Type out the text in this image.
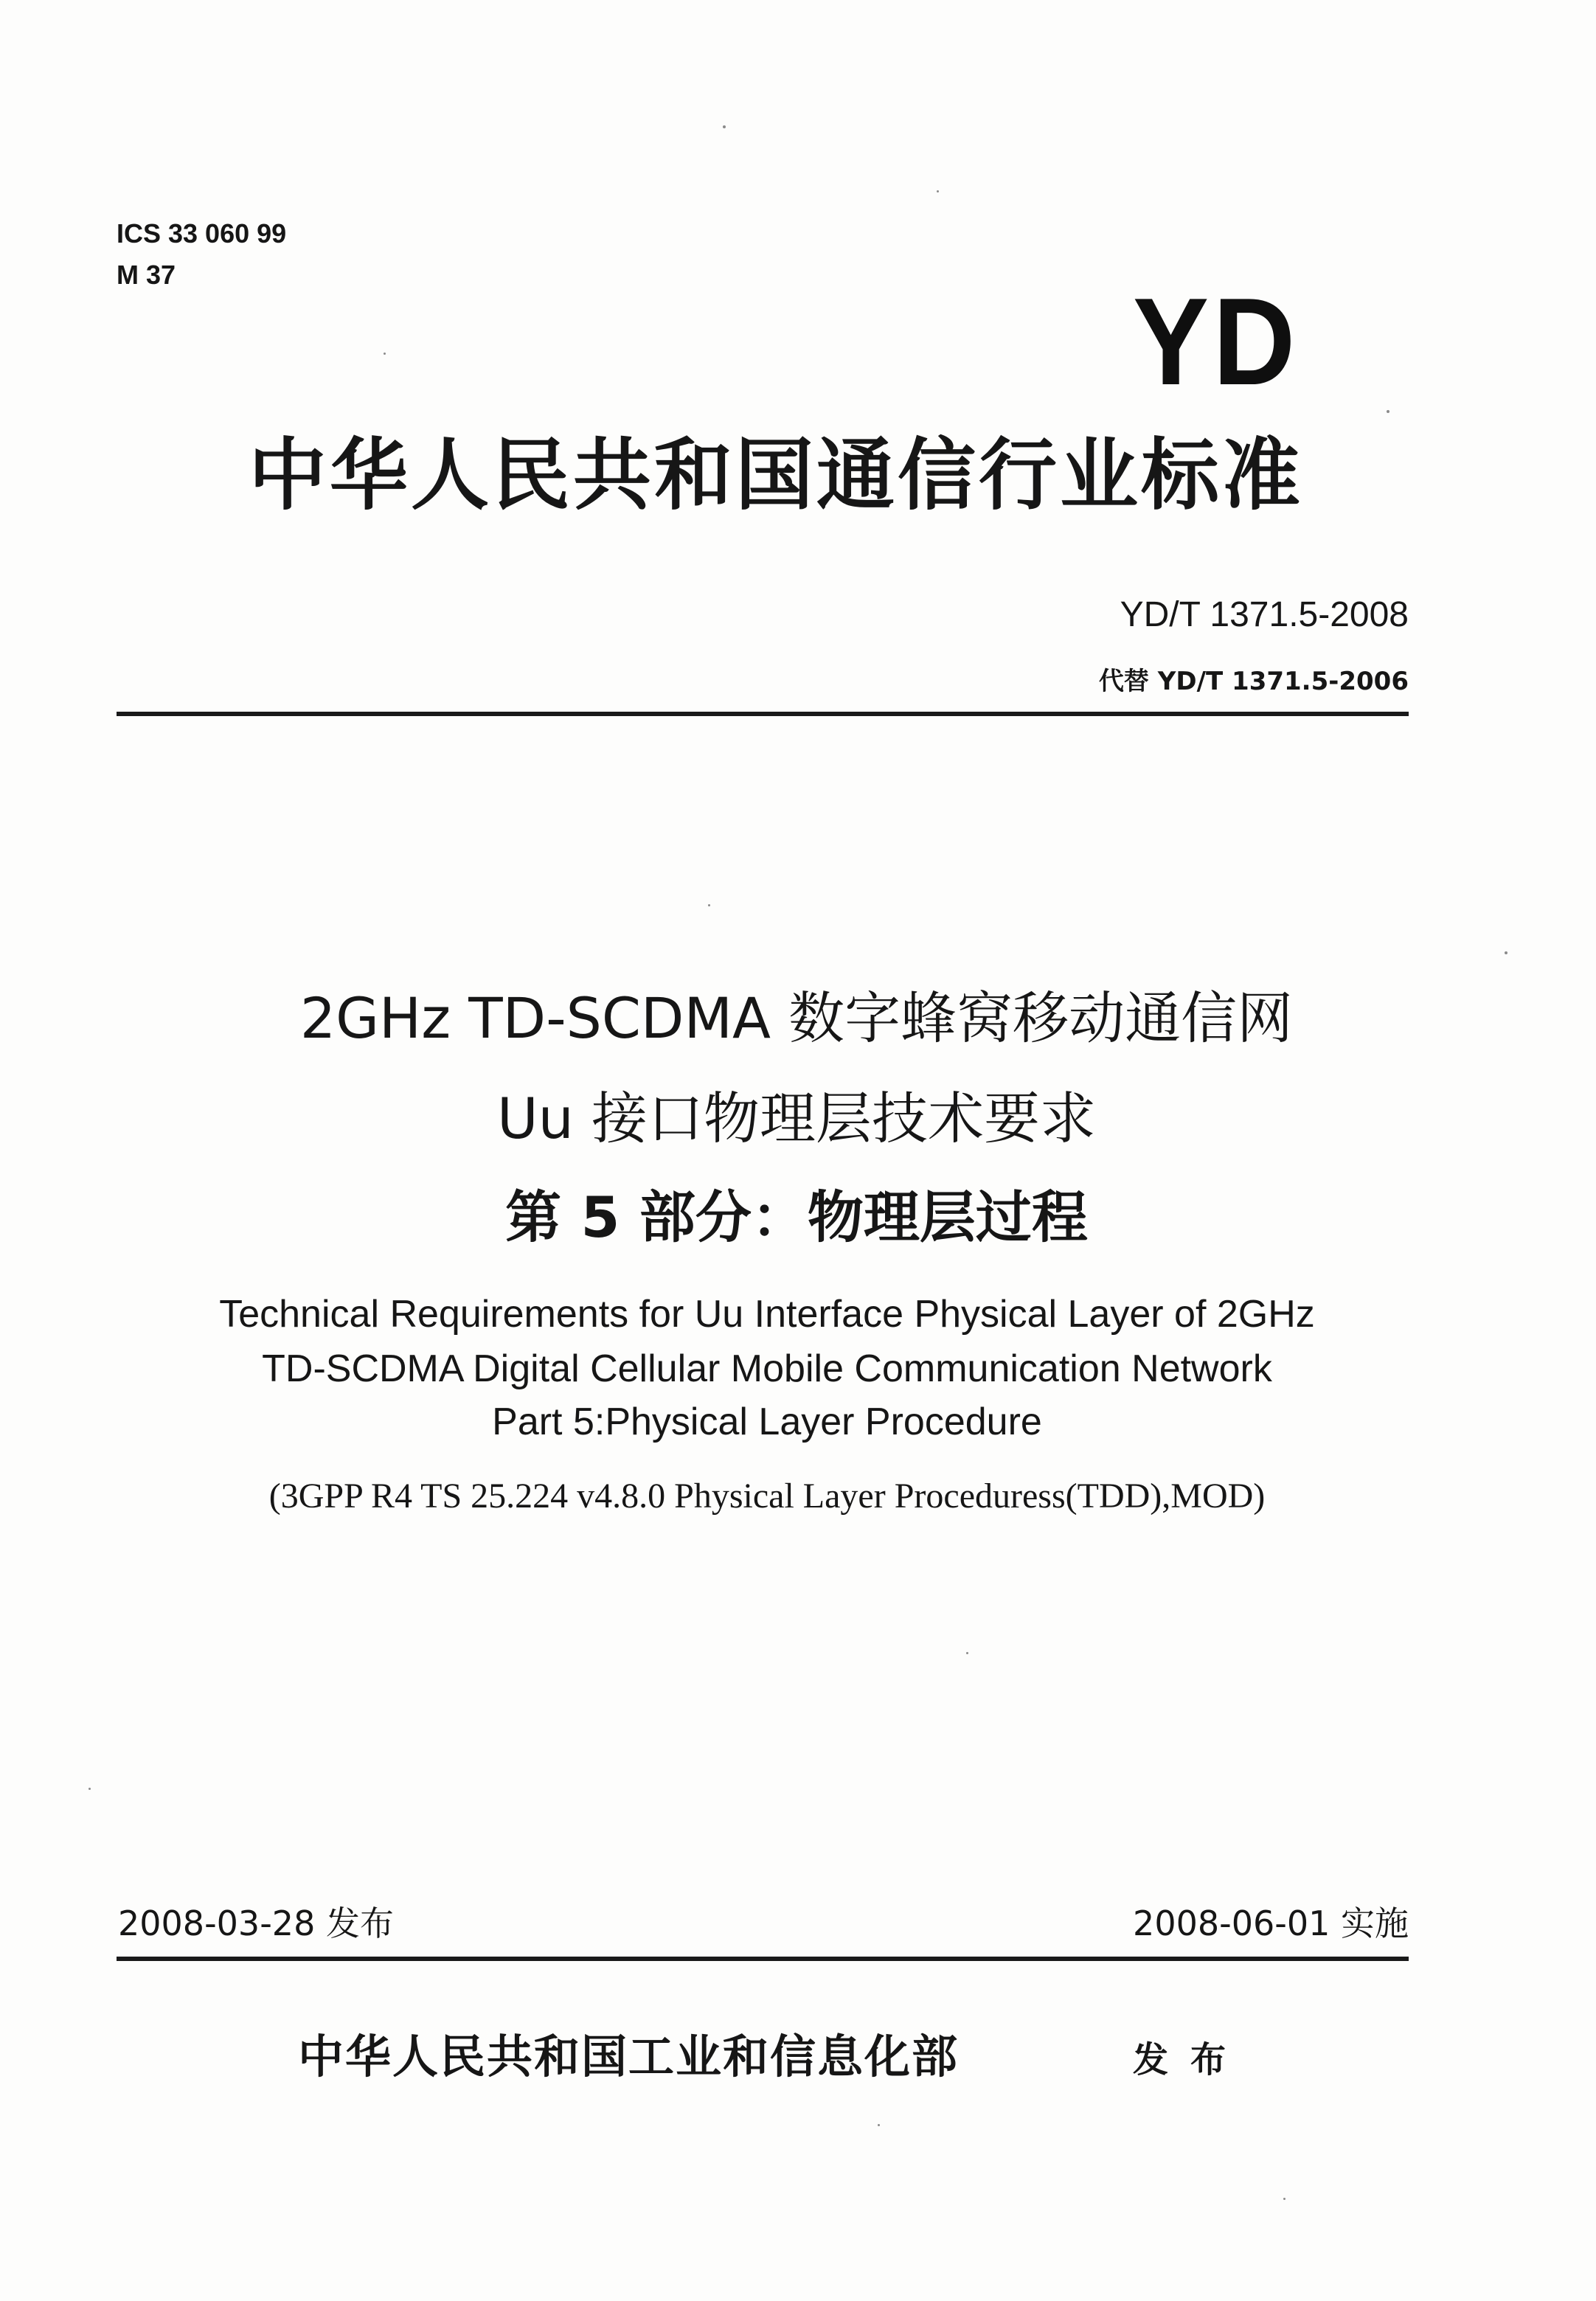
ICS 33 060 99
M 37	YD
中华人民共和国通信行业标准
YD/T 1371.5-2008
代替 YD/T 1371.5-2006
2GHz TD-SCDMA 数字蜂窝移动通信网
Uu 接口物理层技术要求
第 5 部分：物理层过程
Technical Requirements for Uu Interface Physical Layer of 2GHz
TD-SCDMA Digital Cellular Mobile Communication Network
Part 5:Physical Layer Procedure
(3GPP R4 TS 25.224 v4.8.0 Physical Layer Proceduress(TDD),MOD)
2008-03-28 发布	2008-06-01 实施
中华人民共和国工业和信息化部	发布
